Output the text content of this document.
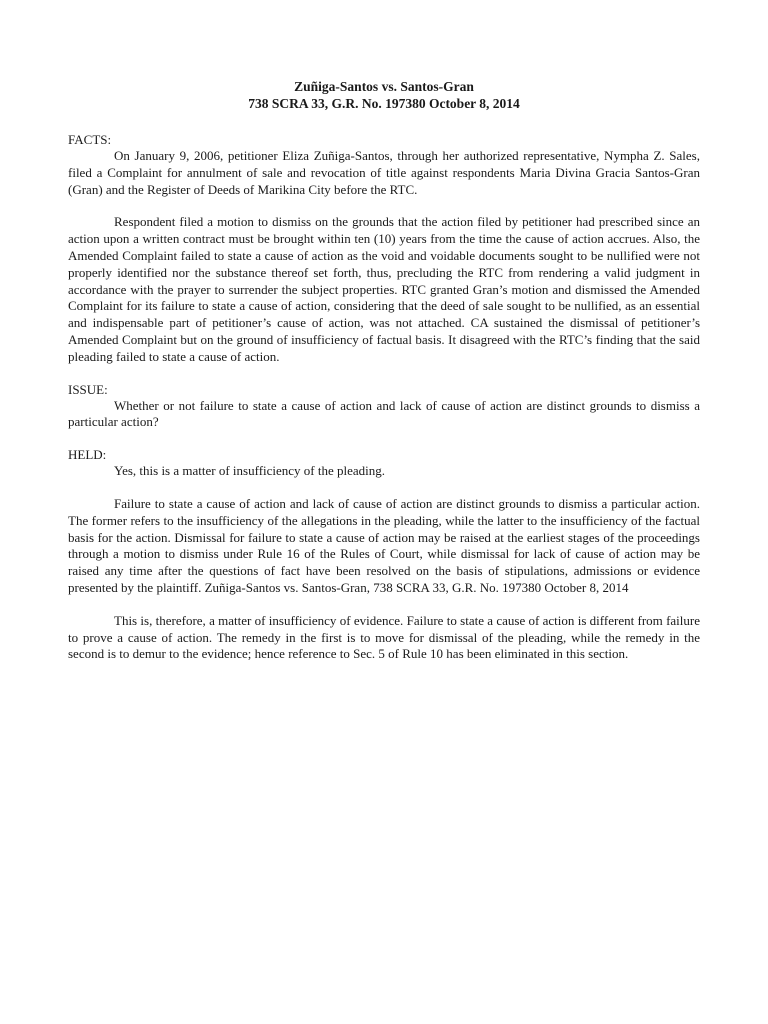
Zuñiga-Santos vs. Santos-Gran
738 SCRA 33, G.R. No. 197380 October 8, 2014

FACTS:

On January 9, 2006, petitioner Eliza Zuñiga-Santos, through her authorized representative, Nympha Z. Sales, filed a Complaint for annulment of sale and revocation of title against respondents Maria Divina Gracia Santos-Gran (Gran) and the Register of Deeds of Marikina City before the RTC.

Respondent filed a motion to dismiss on the grounds that the action filed by petitioner had prescribed since an action upon a written contract must be brought within ten (10) years from the time the cause of action accrues. Also, the Amended Complaint failed to state a cause of action as the void and voidable documents sought to be nullified were not properly identified nor the substance thereof set forth, thus, precluding the RTC from rendering a valid judgment in accordance with the prayer to surrender the subject properties. RTC granted Gran’s motion and dismissed the Amended Complaint for its failure to state a cause of action, considering that the deed of sale sought to be nullified, as an essential and indispensable part of petitioner’s cause of action, was not attached. CA sustained the dismissal of petitioner’s Amended Complaint but on the ground of insufficiency of factual basis. It disagreed with the RTC’s finding that the said pleading failed to state a cause of action.

ISSUE:

Whether or not failure to state a cause of action and lack of cause of action are distinct grounds to dismiss a particular action?

HELD:

Yes, this is a matter of insufficiency of the pleading.

Failure to state a cause of action and lack of cause of action are distinct grounds to dismiss a particular action. The former refers to the insufficiency of the allegations in the pleading, while the latter to the insufficiency of the factual basis for the action. Dismissal for failure to state a cause of action may be raised at the earliest stages of the proceedings through a motion to dismiss under Rule 16 of the Rules of Court, while dismissal for lack of cause of action may be raised any time after the questions of fact have been resolved on the basis of stipulations, admissions or evidence presented by the plaintiff. Zuñiga-Santos vs. Santos-Gran, 738 SCRA 33, G.R. No. 197380 October 8, 2014

This is, therefore, a matter of insufficiency of evidence. Failure to state a cause of action is different from failure to prove a cause of action. The remedy in the first is to move for dismissal of the pleading, while the remedy in the second is to demur to the evidence; hence reference to Sec. 5 of Rule 10 has been eliminated in this section.
